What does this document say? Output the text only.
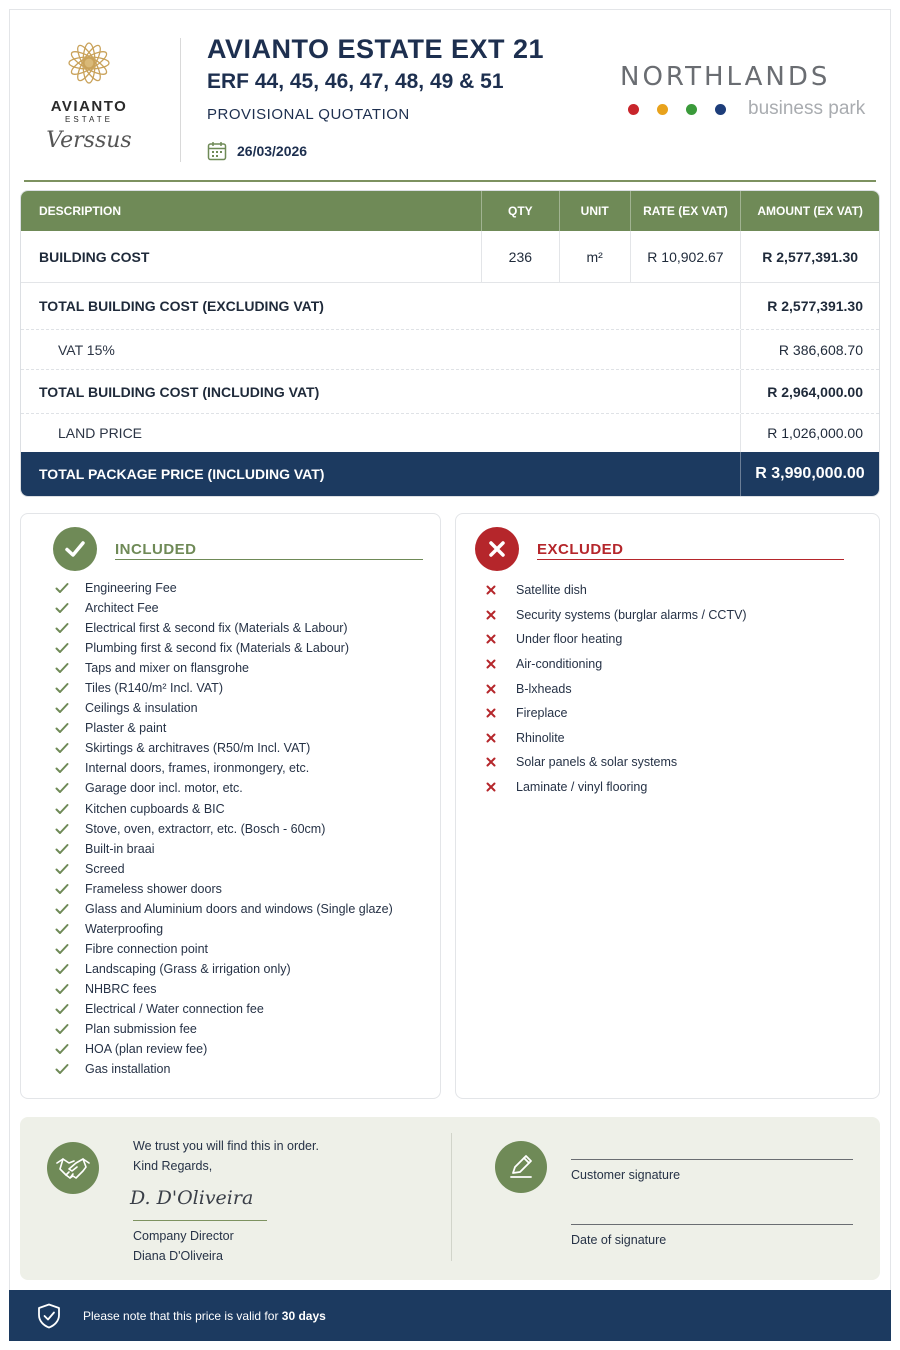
AVIANTO
ESTATE
Verssus
AVIANTO ESTATE EXT 21
ERF 44, 45, 46, 47, 48, 49 & 51
PROVISIONAL QUOTATION
26/03/2026
NORTHLANDS
business park
DESCRIPTION	QTY	UNIT	RATE (EX VAT)	AMOUNT (EX VAT)
BUILDING COST	236	m²	R 10,902.67	R 2,577,391.30
TOTAL BUILDING COST (EXCLUDING VAT)	R 2,577,391.30
VAT 15%	R 386,608.70
TOTAL BUILDING COST (INCLUDING VAT)	R 2,964,000.00
LAND PRICE	R 1,026,000.00
TOTAL PACKAGE PRICE (INCLUDING VAT)	R 3,990,000.00
INCLUDED
Engineering Fee
Architect Fee
Electrical first & second fix (Materials & Labour)
Plumbing first & second fix (Materials & Labour)
Taps and mixer on flansgrohe
Tiles (R140/m² Incl. VAT)
Ceilings & insulation
Plaster & paint
Skirtings & architraves (R50/m Incl. VAT)
Internal doors, frames, ironmongery, etc.
Garage door incl. motor, etc.
Kitchen cupboards & BIC
Stove, oven, extractorr, etc. (Bosch - 60cm)
Built-in braai
Screed
Frameless shower doors
Glass and Aluminium doors and windows (Single glaze)
Waterproofing
Fibre connection point
Landscaping (Grass & irrigation only)
NHBRC fees
Electrical / Water connection fee
Plan submission fee
HOA (plan review fee)
Gas installation
EXCLUDED
Satellite dish
Security systems (burglar alarms / CCTV)
Under floor heating
Air-conditioning
B-lxheads
Fireplace
Rhinolite
Solar panels & solar systems
Laminate / vinyl flooring
We trust you will find this in order.
Kind Regards,
D. D'Oliveira
Company Director
Diana D'Oliveira
Customer signature
Date of signature
Please note that this price is valid for 30 days
